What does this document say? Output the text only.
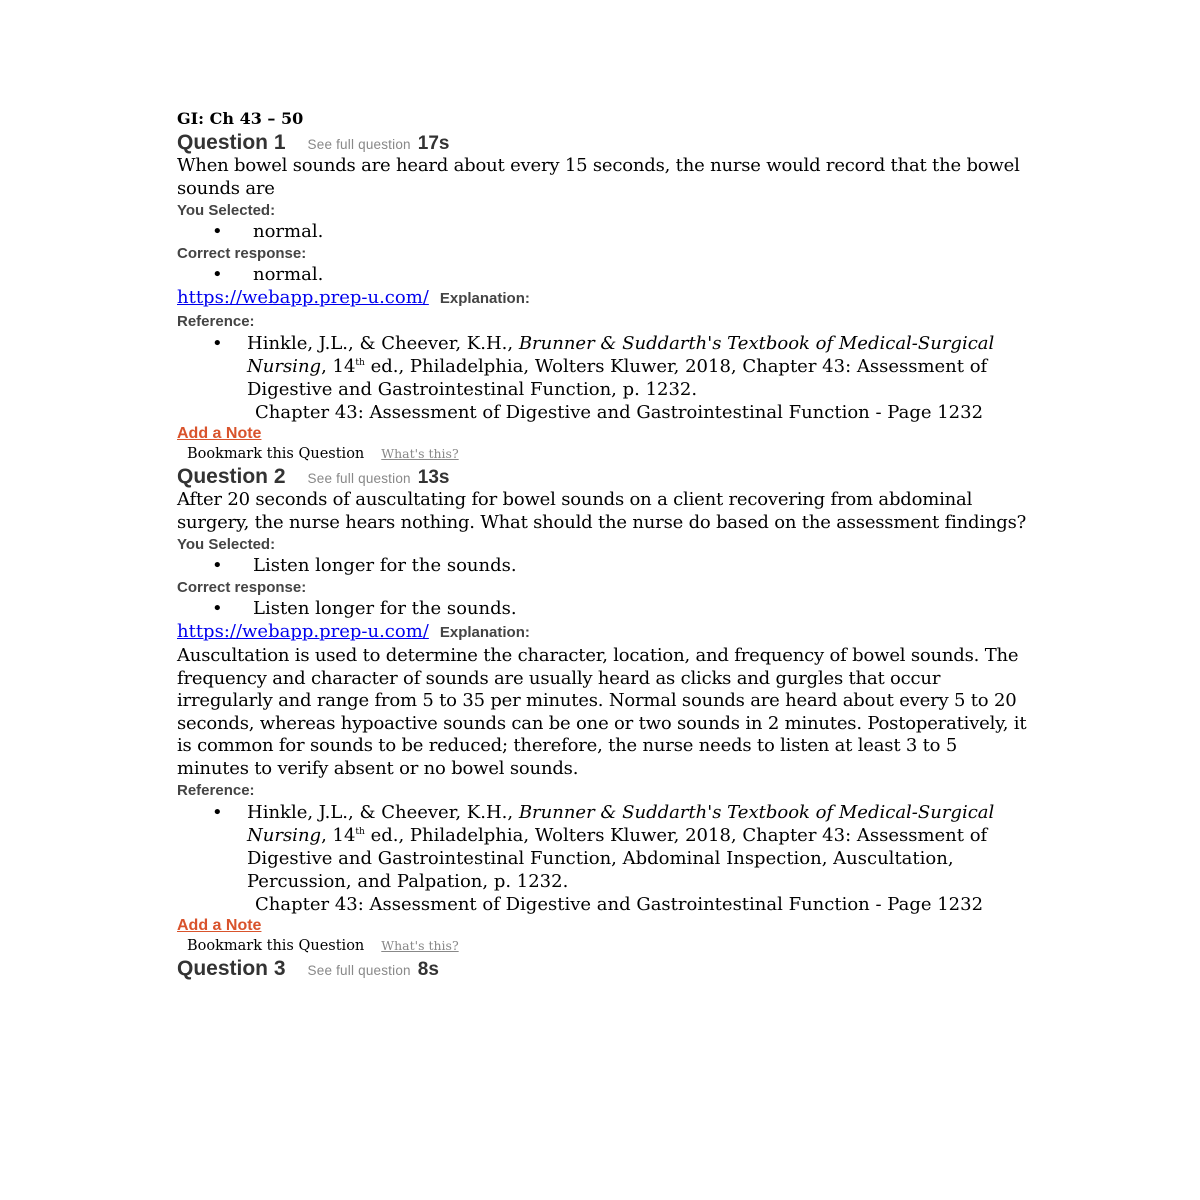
GI: Ch 43 – 50
Question 1 See full question 17s
When bowel sounds are heard about every 15 seconds, the nurse would record that the bowel sounds are
You Selected:
• normal.
Correct response:
• normal.
https://webapp.prep-u.com/ Explanation:
Reference:
• Hinkle, J.L., & Cheever, K.H., Brunner & Suddarth's Textbook of Medical-Surgical Nursing, 14th ed., Philadelphia, Wolters Kluwer, 2018, Chapter 43: Assessment of Digestive and Gastrointestinal Function, p. 1232.
Chapter 43: Assessment of Digestive and Gastrointestinal Function - Page 1232
Add a Note
Bookmark this Question What's this?
Question 2 See full question 13s
After 20 seconds of auscultating for bowel sounds on a client recovering from abdominal surgery, the nurse hears nothing. What should the nurse do based on the assessment findings?
You Selected:
• Listen longer for the sounds.
Correct response:
• Listen longer for the sounds.
https://webapp.prep-u.com/ Explanation:
Auscultation is used to determine the character, location, and frequency of bowel sounds. The frequency and character of sounds are usually heard as clicks and gurgles that occur irregularly and range from 5 to 35 per minutes. Normal sounds are heard about every 5 to 20 seconds, whereas hypoactive sounds can be one or two sounds in 2 minutes. Postoperatively, it is common for sounds to be reduced; therefore, the nurse needs to listen at least 3 to 5 minutes to verify absent or no bowel sounds.
Reference:
• Hinkle, J.L., & Cheever, K.H., Brunner & Suddarth's Textbook of Medical-Surgical Nursing, 14th ed., Philadelphia, Wolters Kluwer, 2018, Chapter 43: Assessment of Digestive and Gastrointestinal Function, Abdominal Inspection, Auscultation, Percussion, and Palpation, p. 1232.
Chapter 43: Assessment of Digestive and Gastrointestinal Function - Page 1232
Add a Note
Bookmark this Question What's this?
Question 3 See full question 8s
